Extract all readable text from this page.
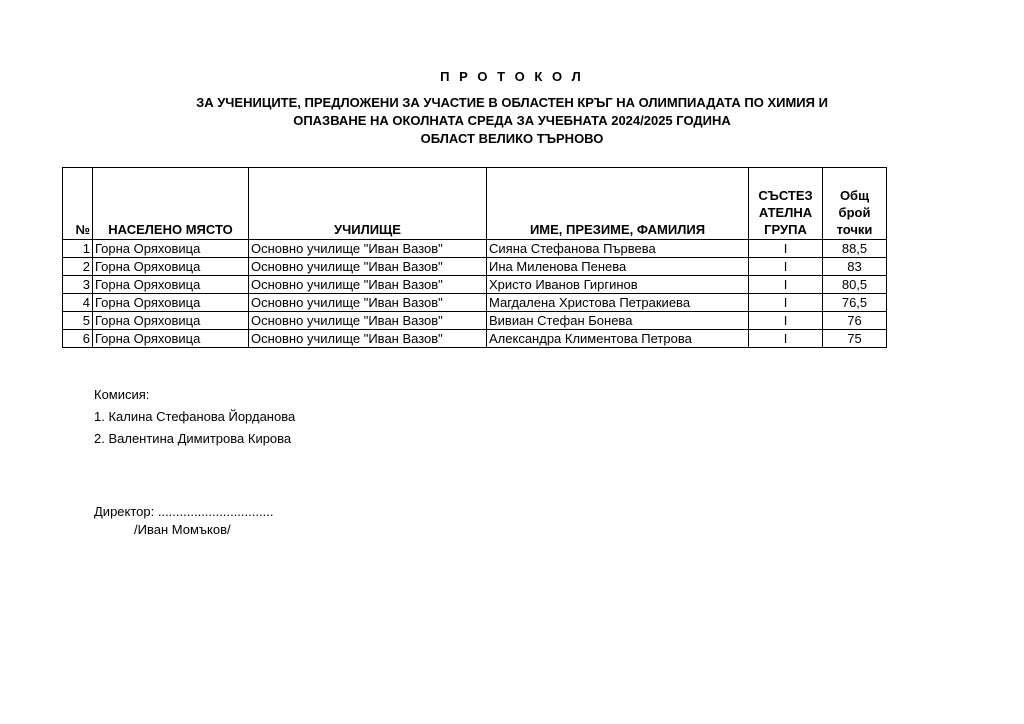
П Р О Т О К О Л
ЗА УЧЕНИЦИТЕ, ПРЕДЛОЖЕНИ ЗА УЧАСТИЕ В ОБЛАСТЕН КРЪГ НА ОЛИМПИАДАТА ПО ХИМИЯ И
ОПАЗВАНЕ НА ОКОЛНАТА СРЕДА ЗА УЧЕБНАТА 2024/2025 ГОДИНА
ОБЛАСТ ВЕЛИКО ТЪРНОВО
№	НАСЕЛЕНО МЯСТО	УЧИЛИЩЕ	ИМЕ, ПРЕЗИМЕ, ФАМИЛИЯ	СЪСТЕЗ АТЕЛНА ГРУПА	Общ брой точки
1	Горна Оряховица	Основно училище "Иван Вазов"	Сияна Стефанова Първева	I	88,5
2	Горна Оряховица	Основно училище "Иван Вазов"	Ина Миленова Пенева	I	83
3	Горна Оряховица	Основно училище "Иван Вазов"	Христо Иванов Гиргинов	I	80,5
4	Горна Оряховица	Основно училище "Иван Вазов"	Магдалена Христова Петракиева	I	76,5
5	Горна Оряховица	Основно училище "Иван Вазов"	Вивиан Стефан Бонева	I	76
6	Горна Оряховица	Основно училище "Иван Вазов"	Александра Климентова Петрова	I	75
Комисия:
1. Калина Стефанова Йорданова
2. Валентина Димитрова Кирова
Директор: ................................
/Иван Момъков/
